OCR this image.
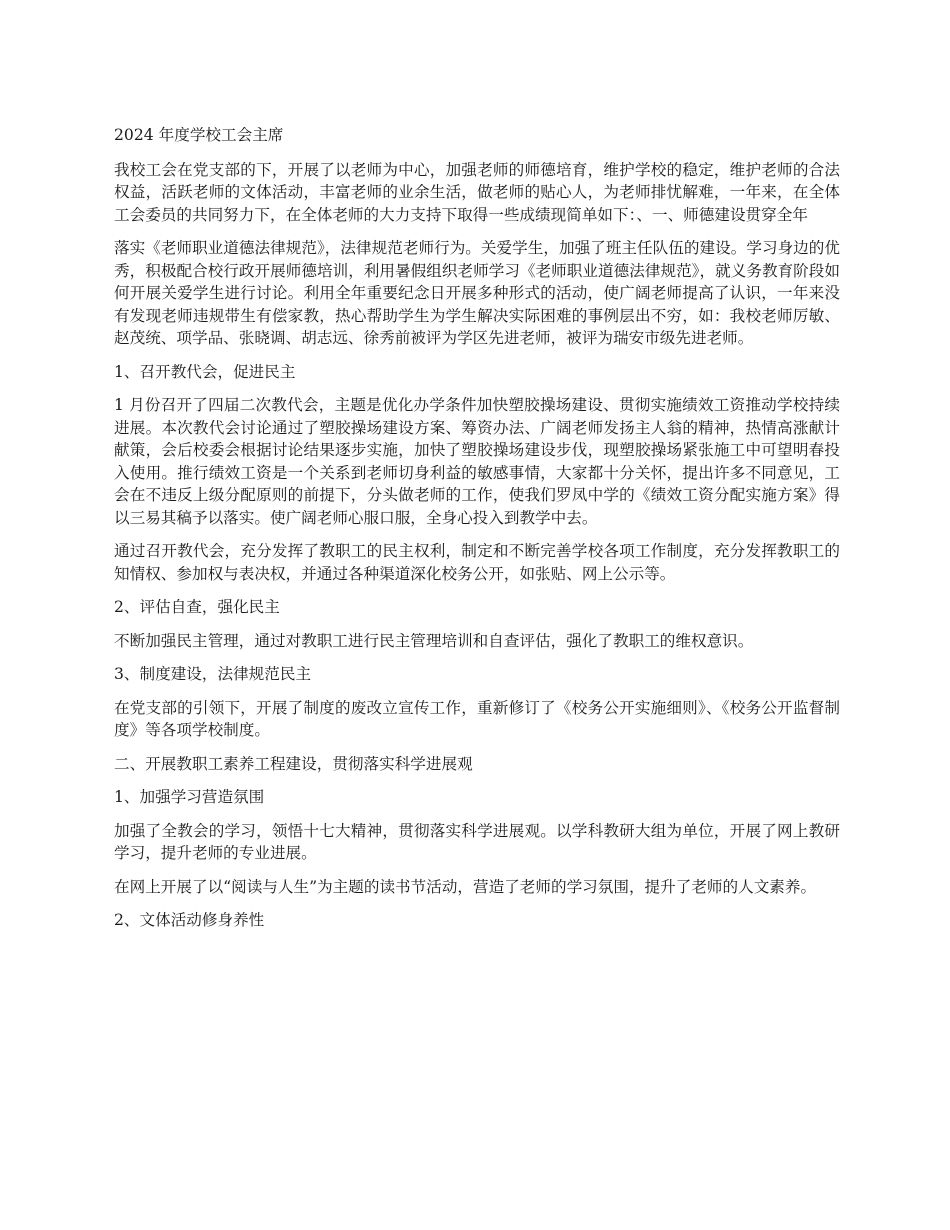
2024 年度学校工会主席

我校工会在党支部的下，开展了以老师为中心，加强老师的师德培育，维护学校的稳定，维护老师的合法权益，活跃老师的文体活动，丰富老师的业余生活，做老师的贴心人，为老师排忧解难，一年来，在全体工会委员的共同努力下，在全体老师的大力支持下取得一些成绩现简单如下：、一、师德建设贯穿全年

落实《老师职业道德法律规范》，法律规范老师行为。关爱学生，加强了班主任队伍的建设。学习身边的优秀，积极配合校行政开展师德培训，利用暑假组织老师学习《老师职业道德法律规范》，就义务教育阶段如何开展关爱学生进行讨论。利用全年重要纪念日开展多种形式的活动，使广阔老师提高了认识，一年来没有发现老师违规带生有偿家教，热心帮助学生为学生解决实际困难的事例层出不穷，如：我校老师厉敏、赵茂统、项学品、张晓调、胡志远、徐秀前被评为学区先进老师，被评为瑞安市级先进老师。

1、召开教代会，促进民主

1 月份召开了四届二次教代会，主题是优化办学条件加快塑胶操场建设、贯彻实施绩效工资推动学校持续进展。本次教代会讨论通过了塑胶操场建设方案、筹资办法、广阔老师发扬主人翁的精神，热情高涨献计献策，会后校委会根据讨论结果逐步实施，加快了塑胶操场建设步伐，现塑胶操场紧张施工中可望明春投入使用。推行绩效工资是一个关系到老师切身利益的敏感事情，大家都十分关怀，提出许多不同意见，工会在不违反上级分配原则的前提下，分头做老师的工作，使我们罗凤中学的《绩效工资分配实施方案》得以三易其稿予以落实。使广阔老师心服口服，全身心投入到教学中去。

通过召开教代会，充分发挥了教职工的民主权利，制定和不断完善学校各项工作制度，充分发挥教职工的知情权、参加权与表决权，并通过各种渠道深化校务公开，如张贴、网上公示等。

2、评估自查，强化民主

不断加强民主管理，通过对教职工进行民主管理培训和自查评估，强化了教职工的维权意识。

3、制度建设，法律规范民主

在党支部的引领下，开展了制度的废改立宣传工作，重新修订了《校务公开实施细则》、《校务公开监督制度》等各项学校制度。

二、开展教职工素养工程建设，贯彻落实科学进展观

1、加强学习营造氛围

加强了全教会的学习，领悟十七大精神，贯彻落实科学进展观。以学科教研大组为单位，开展了网上教研学习，提升老师的专业进展。

在网上开展了以“阅读与人生”为主题的读书节活动，营造了老师的学习氛围，提升了老师的人文素养。

2、文体活动修身养性
